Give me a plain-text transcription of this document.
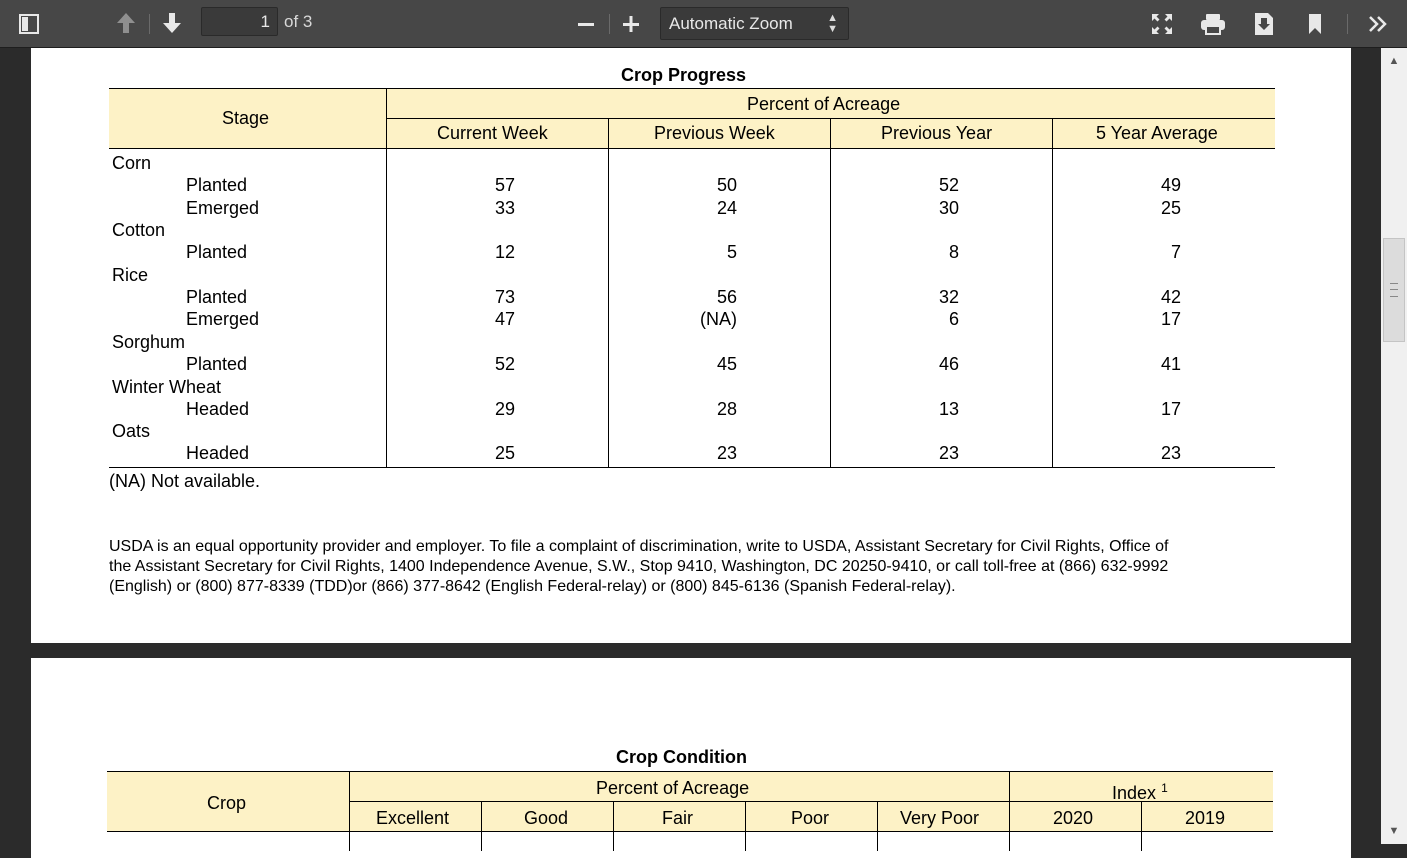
1 of 3	Automatic Zoom	▲
▼
Crop Progress
Stage
Percent of Acreage
Current Week	Previous Week	Previous Year	5 Year Average
Corn
Planted	57	50	52	49
Emerged	33	24	30	25
Cotton
Planted	12	5	8	7
Rice
Planted	73	56	32	42
Emerged	47	(NA)	6	17
Sorghum
Planted	52	45	46	41
Winter Wheat
Headed	29	28	13	17
Oats
Headed	25	23	23	23
(NA) Not available.
USDA is an equal opportunity provider and employer. To file a complaint of discrimination, write to USDA, Assistant Secretary for Civil Rights, Office of
the Assistant Secretary for Civil Rights, 1400 Independence Avenue, S.W., Stop 9410, Washington, DC 20250-9410, or call toll-free at (866) 632-9992
(English) or (800) 877-8339 (TDD)or (866) 377-8642 (English Federal-relay) or (800) 845-6136 (Spanish Federal-relay).
Crop Condition
Crop
Percent of Acreage	Index $^1$
Excellent	Good	Fair	Poor	Very Poor	2020	2019
▲
▼
